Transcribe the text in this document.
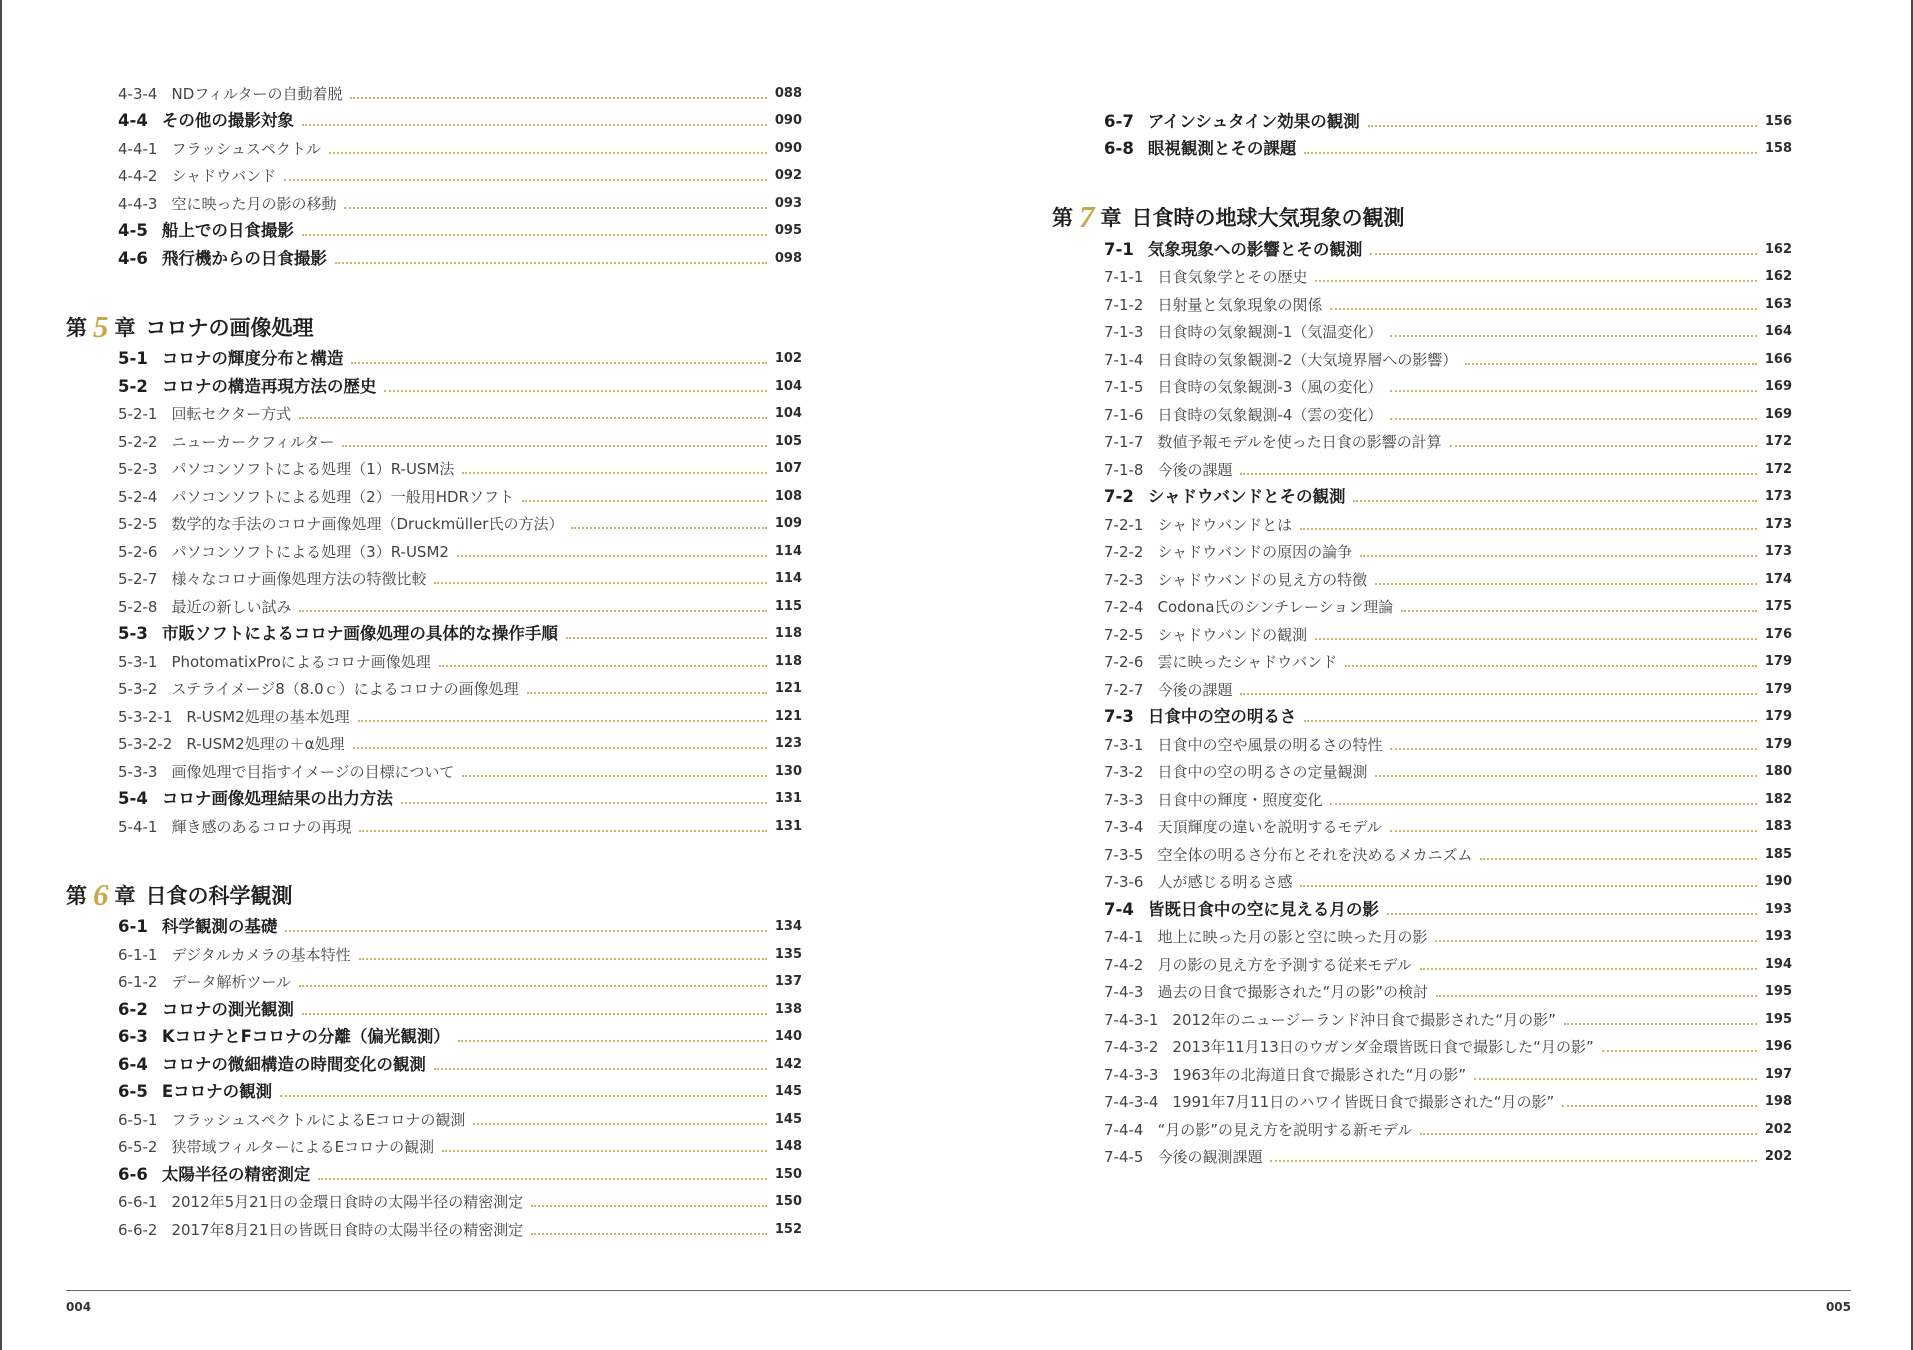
4-3-4 NDフィルターの自動着脱	088
4-4 その他の撮影対象	090
4-4-1 フラッシュスペクトル	090
4-4-2 シャドウバンド	092
4-4-3 空に映った月の影の移動	093
4-5 船上での日食撮影	095
4-6 飛行機からの日食撮影	098
第 5 章 コロナの画像処理
5-1 コロナの輝度分布と構造	102
5-2 コロナの構造再現方法の歴史	104
5-2-1 回転セクター方式	104
5-2-2 ニューカークフィルター	105
5-2-3 パソコンソフトによる処理（1）R-USM法	107
5-2-4 パソコンソフトによる処理（2）一般用HDRソフト	108
5-2-5 数学的な手法のコロナ画像処理（Druckmüller氏の方法）	109
5-2-6 パソコンソフトによる処理（3）R-USM2	114
5-2-7 様々なコロナ画像処理方法の特徴比較	114
5-2-8 最近の新しい試み	115
5-3 市販ソフトによるコロナ画像処理の具体的な操作手順	118
5-3-1 PhotomatixProによるコロナ画像処理	118
5-3-2 ステライメージ8（8.0ｃ）によるコロナの画像処理	121
5-3-2-1 R-USM2処理の基本処理	121
5-3-2-2 R-USM2処理の＋α処理	123
5-3-3 画像処理で目指すイメージの目標について	130
5-4 コロナ画像処理結果の出力方法	131
5-4-1 輝き感のあるコロナの再現	131
第 6 章 日食の科学観測
6-1 科学観測の基礎	134
6-1-1 デジタルカメラの基本特性	135
6-1-2 データ解析ツール	137
6-2 コロナの測光観測	138
6-3 KコロナとFコロナの分離（偏光観測）	140
6-4 コロナの微細構造の時間変化の観測	142
6-5 Eコロナの観測	145
6-5-1 フラッシュスペクトルによるEコロナの観測	145
6-5-2 狭帯域フィルターによるEコロナの観測	148
6-6 太陽半径の精密測定	150
6-6-1 2012年5月21日の金環日食時の太陽半径の精密測定	150
6-6-2 2017年8月21日の皆既日食時の太陽半径の精密測定	152
6-7 アインシュタイン効果の観測	156
6-8 眼視観測とその課題	158
第 7 章 日食時の地球大気現象の観測
7-1 気象現象への影響とその観測	162
7-1-1 日食気象学とその歴史	162
7-1-2 日射量と気象現象の関係	163
7-1-3 日食時の気象観測-1（気温変化）	164
7-1-4 日食時の気象観測-2（大気境界層への影響）	166
7-1-5 日食時の気象観測-3（風の変化）	169
7-1-6 日食時の気象観測-4（雲の変化）	169
7-1-7 数値予報モデルを使った日食の影響の計算	172
7-1-8 今後の課題	172
7-2 シャドウバンドとその観測	173
7-2-1 シャドウバンドとは	173
7-2-2 シャドウバンドの原因の論争	173
7-2-3 シャドウバンドの見え方の特徴	174
7-2-4 Codona氏のシンチレーション理論	175
7-2-5 シャドウバンドの観測	176
7-2-6 雲に映ったシャドウバンド	179
7-2-7 今後の課題	179
7-3 日食中の空の明るさ	179
7-3-1 日食中の空や風景の明るさの特性	179
7-3-2 日食中の空の明るさの定量観測	180
7-3-3 日食中の輝度・照度変化	182
7-3-4 天頂輝度の違いを説明するモデル	183
7-3-5 空全体の明るさ分布とそれを決めるメカニズム	185
7-3-6 人が感じる明るさ感	190
7-4 皆既日食中の空に見える月の影	193
7-4-1 地上に映った月の影と空に映った月の影	193
7-4-2 月の影の見え方を予測する従来モデル	194
7-4-3 過去の日食で撮影された“月の影”の検討	195
7-4-3-1 2012年のニュージーランド沖日食で撮影された“月の影”	195
7-4-3-2 2013年11月13日のウガンダ金環皆既日食で撮影した“月の影”	196
7-4-3-3 1963年の北海道日食で撮影された“月の影”	197
7-4-3-4 1991年7月11日のハワイ皆既日食で撮影された“月の影”	198
7-4-4 “月の影”の見え方を説明する新モデル	202
7-4-5 今後の観測課題	202
004	005
